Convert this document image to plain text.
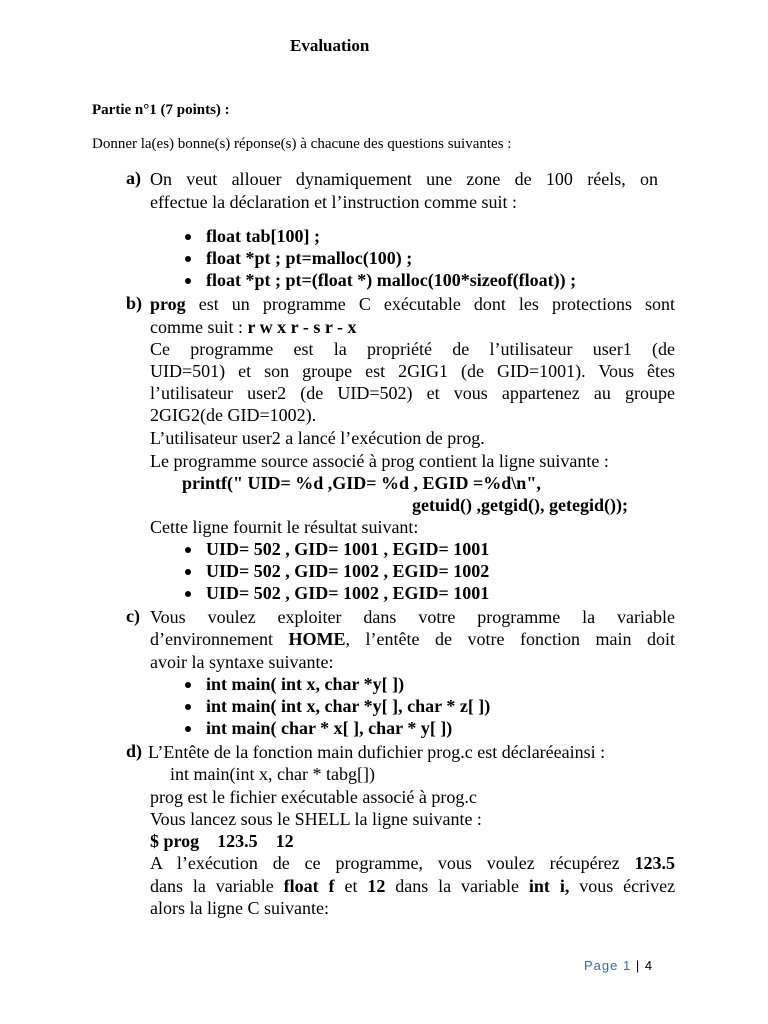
Evaluation
Partie n°1 (7 points) :
Donner la(es) bonne(s) réponse(s) à chacune des questions suivantes :
a) On veut allouer dynamiquement une zone de 100 réels, on
effectue la déclaration et l’instruction comme suit :
float tab[100] ;
float *pt ; pt=malloc(100) ;
float *pt ; pt=(float *) malloc(100*sizeof(float)) ;
b) prog est un programme C exécutable dont les protections sont
comme suit : r w x r - s r - x
Ce programme est la propriété de l’utilisateur user1 (de
UID=501) et son groupe est 2GIG1 (de GID=1001). Vous êtes
l’utilisateur user2 (de UID=502) et vous appartenez au groupe
2GIG2(de GID=1002).
L’utilisateur user2 a lancé l’exécution de prog.
Le programme source associé à prog contient la ligne suivante :
printf(" UID= %d ,GID= %d , EGID =%d\n",
getuid() ,getgid(), getegid());
Cette ligne fournit le résultat suivant:
UID= 502 , GID= 1001 , EGID= 1001
UID= 502 , GID= 1002 , EGID= 1002
UID= 502 , GID= 1002 , EGID= 1001
c) Vous voulez exploiter dans votre programme la variable
d’environnement HOME, l’entête de votre fonction main doit
avoir la syntaxe suivante:
int main( int x, char *y[ ])
int main( int x, char *y[ ], char * z[ ])
int main( char * x[ ], char * y[ ])
d) L’Entête de la fonction main dufichier prog.c est déclaréeainsi :
int main(int x, char * tabg[])
prog est le fichier exécutable associé à prog.c
Vous lancez sous le SHELL la ligne suivante :
$ prog    123.5    12
A l’exécution de ce programme, vous voulez récupérez 123.5
dans la variable float f et 12 dans la variable int i, vous écrivez
alors la ligne C suivante:
Page 1 | 4
